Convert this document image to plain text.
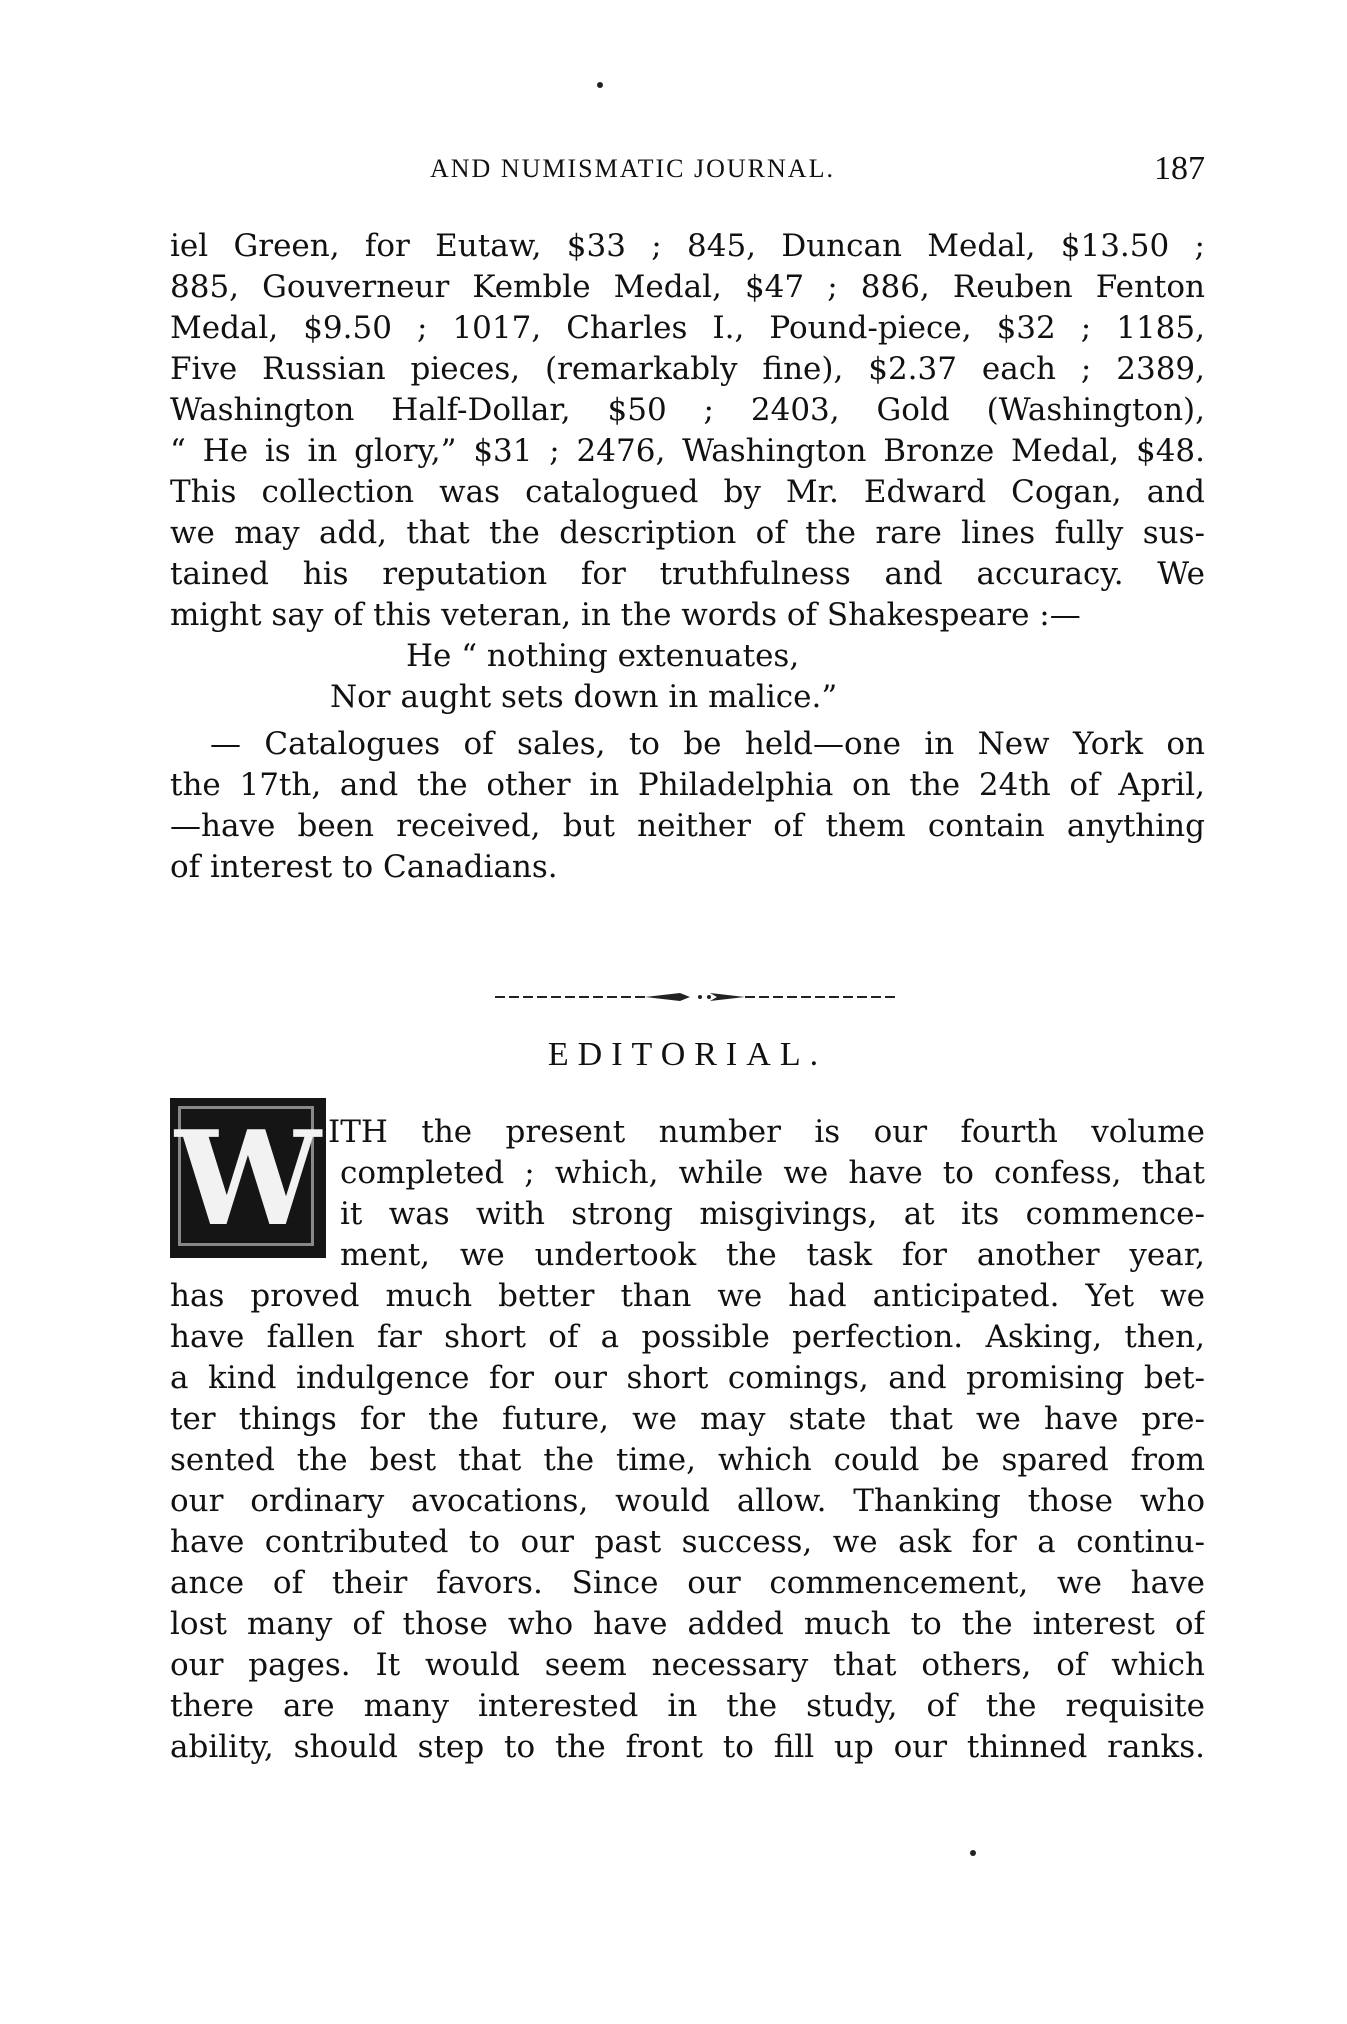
AND NUMISMATIC JOURNAL.	187
iel Green, for Eutaw, $33 ; 845, Duncan Medal, $13.50 ;
885, Gouverneur Kemble Medal, $47 ; 886, Reuben Fenton
Medal, $9.50 ; 1017, Charles I., Pound-piece, $32 ; 1185,
Five Russian pieces, (remarkably fine), $2.37 each ; 2389,
Washington Half-Dollar, $50 ; 2403, Gold (Washington),
“ He is in glory,” $31 ; 2476, Washington Bronze Medal, $48.
This collection was catalogued by Mr. Edward Cogan, and
we may add, that the description of the rare lines fully sus-
tained his reputation for truthfulness and accuracy. We
might say of this veteran, in the words of Shakespeare :—
He “ nothing extenuates,
Nor aught sets down in malice.”
— Catalogues of sales, to be held—one in New York on
the 17th, and the other in Philadelphia on the 24th of April,
—have been received, but neither of them contain anything
of interest to Canadians.
EDITORIAL.
W ITH the present number is our fourth volume
completed ; which, while we have to confess, that
it was with strong misgivings, at its commence-
ment, we undertook the task for another year,
has proved much better than we had anticipated. Yet we
have fallen far short of a possible perfection. Asking, then,
a kind indulgence for our short comings, and promising bet-
ter things for the future, we may state that we have pre-
sented the best that the time, which could be spared from
our ordinary avocations, would allow. Thanking those who
have contributed to our past success, we ask for a continu-
ance of their favors. Since our commencement, we have
lost many of those who have added much to the interest of
our pages. It would seem necessary that others, of which
there are many interested in the study, of the requisite
ability, should step to the front to fill up our thinned ranks.
